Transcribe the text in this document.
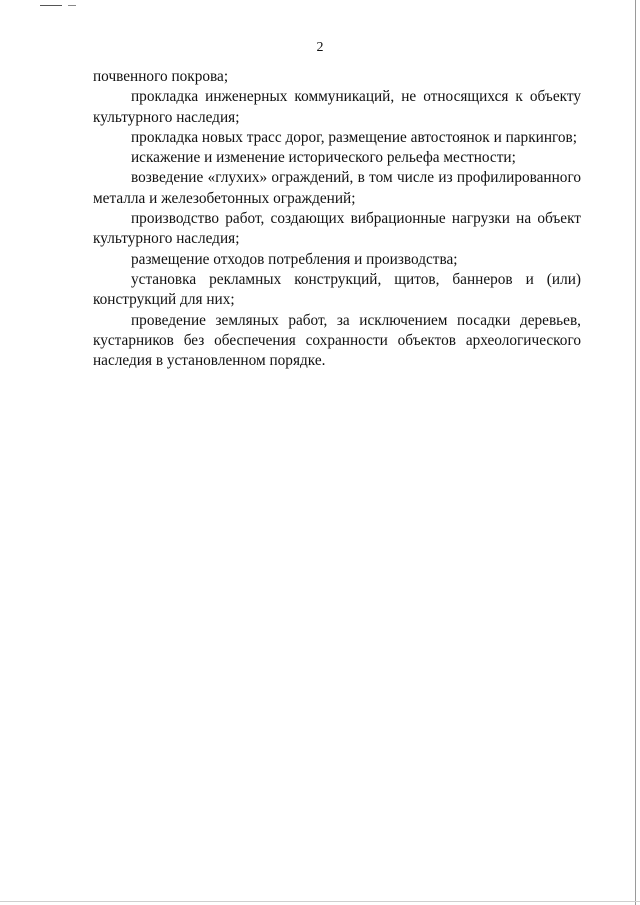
2

почвенного покрова;

прокладка инженерных коммуникаций, не относящихся к объекту культурного наследия;

прокладка новых трасс дорог, размещение автостоянок и паркингов;

искажение и изменение исторического рельефа местности;

возведение «глухих» ограждений, в том числе из профилированного металла и железобетонных ограждений;

производство работ, создающих вибрационные нагрузки на объект культурного наследия;

размещение отходов потребления и производства;

установка рекламных конструкций, щитов, баннеров и (или) конструкций для них;

проведение земляных работ, за исключением посадки деревьев, кустарников без обеспечения сохранности объектов археологического наследия в установленном порядке.
